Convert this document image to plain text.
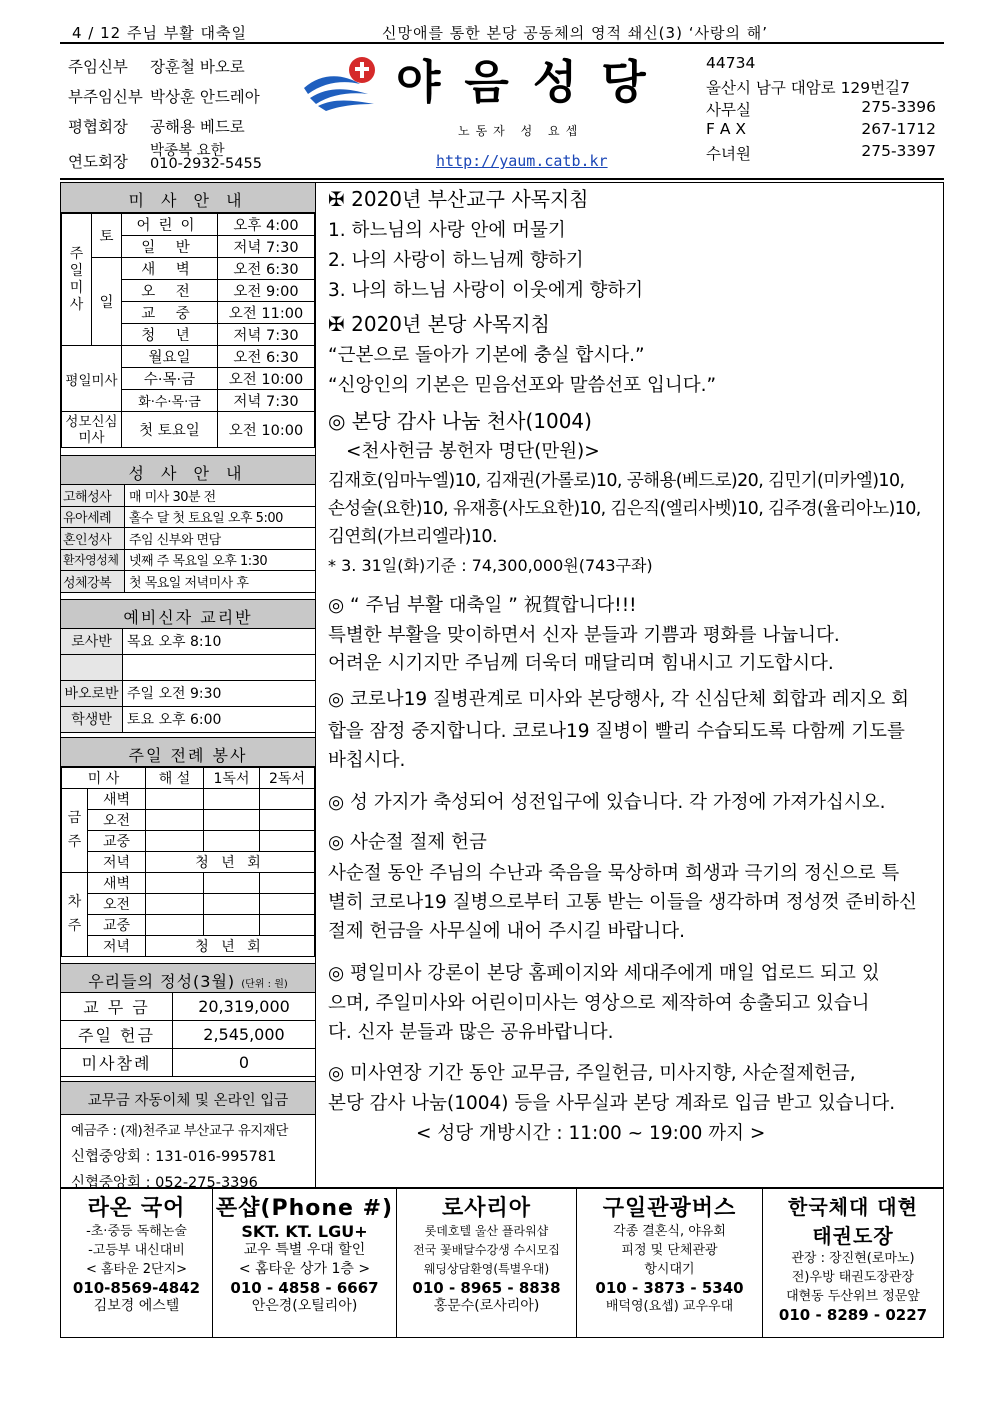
4 / 12 주님 부활 대축일	신망애를 통한 본당 공동체의 영적 쇄신(3) ‘사랑의 해’
주임신부 장훈철 바오로
부주임신부 박상훈 안드레아
평협회장 공해용 베드로
연도회장
박종복 요한
010-2932-5455
야음성당
노동자 성 요셉
http://yaum.catb.kr
44734
울산시 남구 대암로 129번길7
사무실	275-3396
F A X	267-1712
수녀원	275-3397
미 사 안 내
주일미사	토	어린이	오후 4:00
		일 반	저녁 7:30
	일	새 벽	오전 6:30
		오 전	오전 9:00
		교 중	오전 11:00
		청 년	저녁 7:30
평일미사		월요일	오전 6:30
		수·목·금	오전 10:00
		화·수·목·금	저녁 7:30
성모신심미사		첫 토요일	오전 10:00
성 사 안 내
고해성사	매 미사 30분 전
유아세례	홀수 달 첫 토요일 오후 5:00
혼인성사	주임 신부와 면담
환자영성체 넷째 주 목요일 오후 1:30
성체강복	첫 목요일 저녁미사 후
예비신자 교리반
로사반	목요 오후 8:10
바오로반 주일 오전 9:30
학생반	토요 오후 6:00
주일 전례 봉사
미 사		해 설	1독서	2독서
금주	새벽			
	오전			
	교중			
	저녁	청 년 회		
차주	새벽			
	오전			
	교중			
	저녁	청 년 회		
우리들의 정성(3월) (단위 : 원)
교 무 금	20,319,000
주일 헌금	2,545,000
미사참례	0
교무금 자동이체 및 온라인 입금
예금주 : (재)천주교 부산교구 유지재단
신협중앙회 : 131-016-995781
신협중앙회 : 052-275-3396
✠ 2020년 부산교구 사목지침
1. 하느님의 사랑 안에 머물기
2. 나의 사랑이 하느님께 향하기
3. 나의 하느님 사랑이 이웃에게 향하기
✠ 2020년 본당 사목지침
“근본으로 돌아가 기본에 충실 합시다.”
“신앙인의 기본은 믿음선포와 말씀선포 입니다.”
◎ 본당 감사 나눔 천사(1004)
<천사헌금 봉헌자 명단(만원)>
김재호(임마누엘)10, 김재권(가롤로)10, 공해용(베드로)20, 김민기(미카엘)10,
손성술(요한)10, 유재흥(사도요한)10, 김은직(엘리사벳)10, 김주경(율리아노)10,
김연희(가브리엘라)10.
* 3. 31일(화)기준 : 74,300,000원(743구좌)
◎ “ 주님 부활 대축일 ” 祝賀합니다!!!
특별한 부활을 맞이하면서 신자 분들과 기쁨과 평화를 나눕니다.
어려운 시기지만 주님께 더욱더 매달리며 힘내시고 기도합시다.
◎ 코로나19 질병관계로 미사와 본당행사, 각 신심단체 회합과 레지오 회
합을 잠정 중지합니다. 코로나19 질병이 빨리 수습되도록 다함께 기도를
바칩시다.
◎ 성 가지가 축성되어 성전입구에 있습니다. 각 가정에 가져가십시오.
◎ 사순절 절제 헌금
사순절 동안 주님의 수난과 죽음을 묵상하며 희생과 극기의 정신으로 특
별히 코로나19 질병으로부터 고통 받는 이들을 생각하며 정성껏 준비하신
절제 헌금을 사무실에 내어 주시길 바랍니다.
◎ 평일미사 강론이 본당 홈페이지와 세대주에게 매일 업로드 되고 있
으며, 주일미사와 어린이미사는 영상으로 제작하여 송출되고 있습니
다. 신자 분들과 많은 공유바랍니다.
◎ 미사연장 기간 동안 교무금, 주일헌금, 미사지향, 사순절제헌금,
본당 감사 나눔(1004) 등을 사무실과 본당 계좌로 입금 받고 있습니다.
< 성당 개방시간 : 11:00 ~ 19:00 까지 >
라온 국어
-초·중등 독해논술
-고등부 내신대비
< 홈타운 2단지>
010-8569-4842
김보경 에스텔
폰샵(Phone #)
SKT. KT. LGU+
교우 특별 우대 할인
< 홈타운 상가 1층 >
010 - 4858 - 6667
안은경(오틸리아)
로사리아
롯데호텔 울산 플라워샵
전국 꽃배달수강생 수시모집
웨딩상담환영(특별우대)
010 - 8965 - 8838
홍문수(로사리아)
구일관광버스
각종 결혼식, 야유회
피정 및 단체관광
항시대기
010 - 3873 - 5340
배덕영(요셉) 교우우대
한국체대 대현
태권도장
관장 : 장진현(로마노)
전)우방 태권도장관장
대현동 두산위브 정문앞
010 - 8289 - 0227
